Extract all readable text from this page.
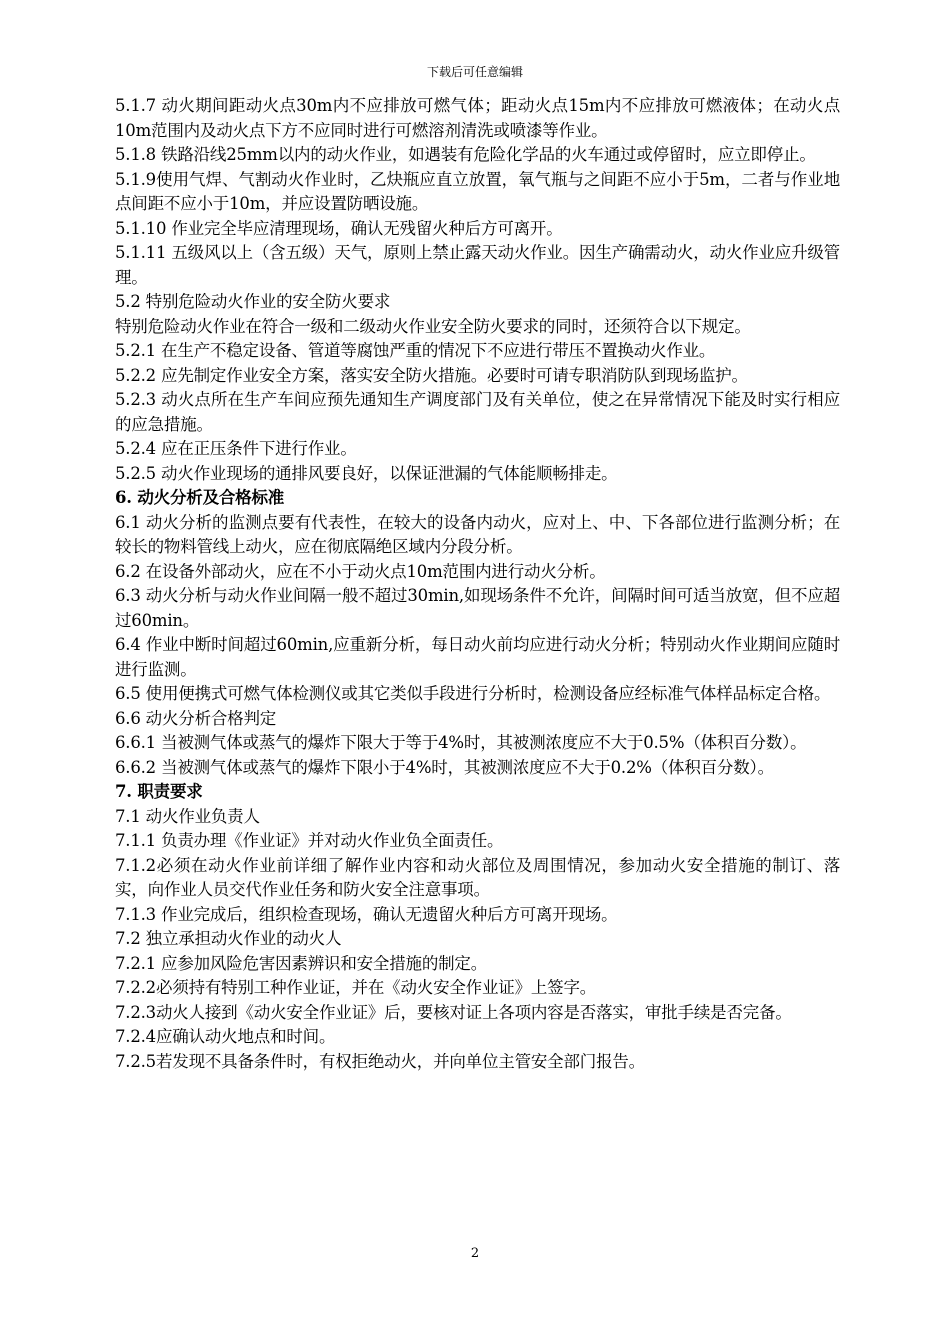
下载后可任意编辑

5.1.7 动火期间距动火点30m内不应排放可燃气体；距动火点15m内不应排放可燃液体；在动火点10m范围内及动火点下方不应同时进行可燃溶剂清洗或喷漆等作业。

5.1.8 铁路沿线25mm以内的动火作业，如遇装有危险化学品的火车通过或停留时，应立即停止。

5.1.9使用气焊、气割动火作业时，乙炔瓶应直立放置，氧气瓶与之间距不应小于5m，二者与作业地点间距不应小于10m，并应设置防晒设施。

5.1.10 作业完全毕应清理现场，确认无残留火种后方可离开。

5.1.11 五级风以上（含五级）天气，原则上禁止露天动火作业。因生产确需动火，动火作业应升级管理。

5.2 特别危险动火作业的安全防火要求

特别危险动火作业在符合一级和二级动火作业安全防火要求的同时，还须符合以下规定。

5.2.1 在生产不稳定设备、管道等腐蚀严重的情况下不应进行带压不置换动火作业。

5.2.2 应先制定作业安全方案，落实安全防火措施。必要时可请专职消防队到现场监护。

5.2.3 动火点所在生产车间应预先通知生产调度部门及有关单位，使之在异常情况下能及时实行相应的应急措施。

5.2.4 应在正压条件下进行作业。

5.2.5 动火作业现场的通排风要良好，以保证泄漏的气体能顺畅排走。

6. 动火分析及合格标准

6.1 动火分析的监测点要有代表性，在较大的设备内动火，应对上、中、下各部位进行监测分析；在较长的物料管线上动火，应在彻底隔绝区域内分段分析。

6.2 在设备外部动火，应在不小于动火点10m范围内进行动火分析。

6.3 动火分析与动火作业间隔一般不超过30min,如现场条件不允许，间隔时间可适当放宽，但不应超过60min。

6.4 作业中断时间超过60min,应重新分析，每日动火前均应进行动火分析；特别动火作业期间应随时进行监测。

6.5 使用便携式可燃气体检测仪或其它类似手段进行分析时，检测设备应经标准气体样品标定合格。

6.6 动火分析合格判定

6.6.1 当被测气体或蒸气的爆炸下限大于等于4%时，其被测浓度应不大于0.5%（体积百分数）。

6.6.2 当被测气体或蒸气的爆炸下限小于4%时，其被测浓度应不大于0.2%（体积百分数）。

7. 职责要求

7.1 动火作业负责人

7.1.1 负责办理《作业证》并对动火作业负全面责任。

7.1.2必须在动火作业前详细了解作业内容和动火部位及周围情况，参加动火安全措施的制订、落实，向作业人员交代作业任务和防火安全注意事项。

7.1.3 作业完成后，组织检查现场，确认无遗留火种后方可离开现场。

7.2 独立承担动火作业的动火人

7.2.1 应参加风险危害因素辨识和安全措施的制定。

7.2.2必须持有特别工种作业证，并在《动火安全作业证》上签字。

7.2.3动火人接到《动火安全作业证》后，要核对证上各项内容是否落实，审批手续是否完备。

7.2.4应确认动火地点和时间。

7.2.5若发现不具备条件时，有权拒绝动火，并向单位主管安全部门报告。

2
